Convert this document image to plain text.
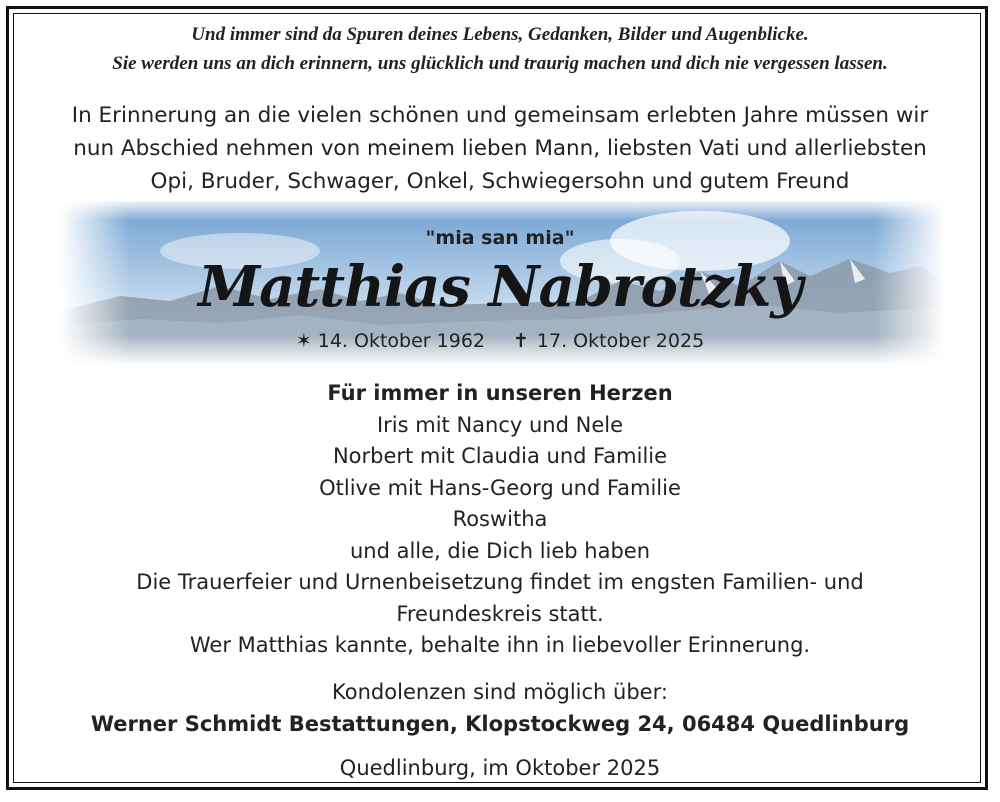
Und immer sind da Spuren deines Lebens, Gedanken, Bilder und Augenblicke.
Sie werden uns an dich erinnern, uns glücklich und traurig machen und dich nie vergessen lassen.
In Erinnerung an die vielen schönen und gemeinsam erlebten Jahre müssen wir
nun Abschied nehmen von meinem lieben Mann, liebsten Vati und allerliebsten
Opi, Bruder, Schwager, Onkel, Schwiegersohn und gutem Freund
"mia san mia"
Matthias Nabrotzky
✶ 14. Oktober 1962 ✝ 17. Oktober 2025
Für immer in unseren Herzen
Iris mit Nancy und Nele
Norbert mit Claudia und Familie
Otlive mit Hans-Georg und Familie
Roswitha
und alle, die Dich lieb haben
Die Trauerfeier und Urnenbeisetzung findet im engsten Familien- und
Freundeskreis statt.
Wer Matthias kannte, behalte ihn in liebevoller Erinnerung.
Kondolenzen sind möglich über:
Werner Schmidt Bestattungen, Klopstockweg 24, 06484 Quedlinburg
Quedlinburg, im Oktober 2025
